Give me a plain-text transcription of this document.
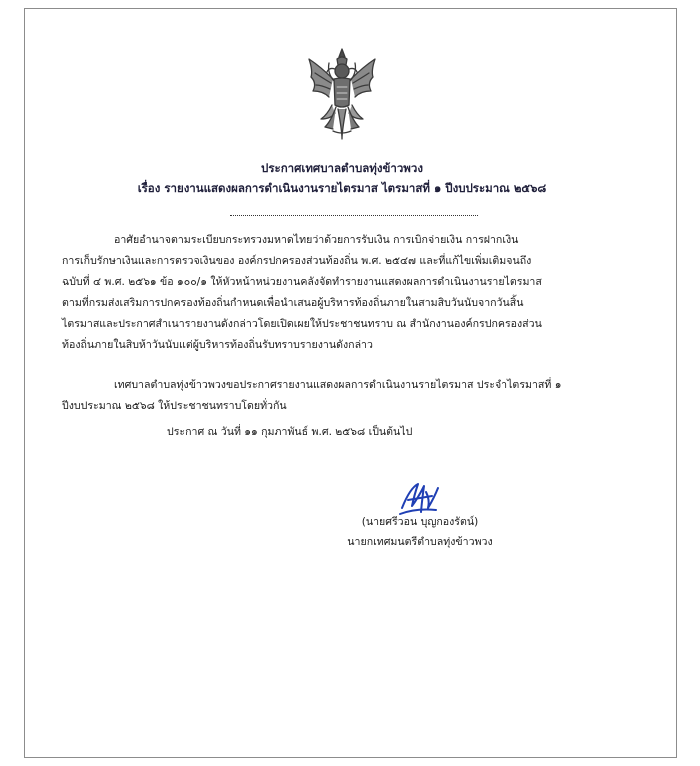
ประกาศเทศบาลตำบลทุ่งข้าวพวง
เรื่อง รายงานแสดงผลการดำเนินงานรายไตรมาส ไตรมาสที่ ๑ ปีงบประมาณ ๒๕๖๘
อาศัยอำนาจตามระเบียบกระทรวงมหาดไทยว่าด้วยการรับเงิน การเบิกจ่ายเงิน การฝากเงิน
การเก็บรักษาเงินและการตรวจเงินของ องค์กรปกครองส่วนท้องถิ่น พ.ศ. ๒๕๔๗ และที่แก้ไขเพิ่มเติมจนถึง
ฉบับที่ ๔ พ.ศ. ๒๕๖๑ ข้อ ๑๐๐/๑ ให้หัวหน้าหน่วยงานคลังจัดทำรายงานแสดงผลการดำเนินงานรายไตรมาส
ตามที่กรมส่งเสริมการปกครองท้องถิ่นกำหนดเพื่อนำเสนอผู้บริหารท้องถิ่นภายในสามสิบวันนับจากวันสิ้น
ไตรมาสและประกาศสำเนารายงานดังกล่าวโดยเปิดเผยให้ประชาชนทราบ ณ สำนักงานองค์กรปกครองส่วน
ท้องถิ่นภายในสิบห้าวันนับแต่ผู้บริหารท้องถิ่นรับทราบรายงานดังกล่าว
เทศบาลตำบลทุ่งข้าวพวงขอประกาศรายงานแสดงผลการดำเนินงานรายไตรมาส ประจำไตรมาสที่ ๑
ปีงบประมาณ ๒๕๖๘ ให้ประชาชนทราบโดยทั่วกัน
ประกาศ ณ วันที่ ๑๑ กุมภาพันธ์ พ.ศ. ๒๕๖๘ เป็นต้นไป
(นายศรีวอน บุญกองรัตน์)
นายกเทศมนตรีตำบลทุ่งข้าวพวง
